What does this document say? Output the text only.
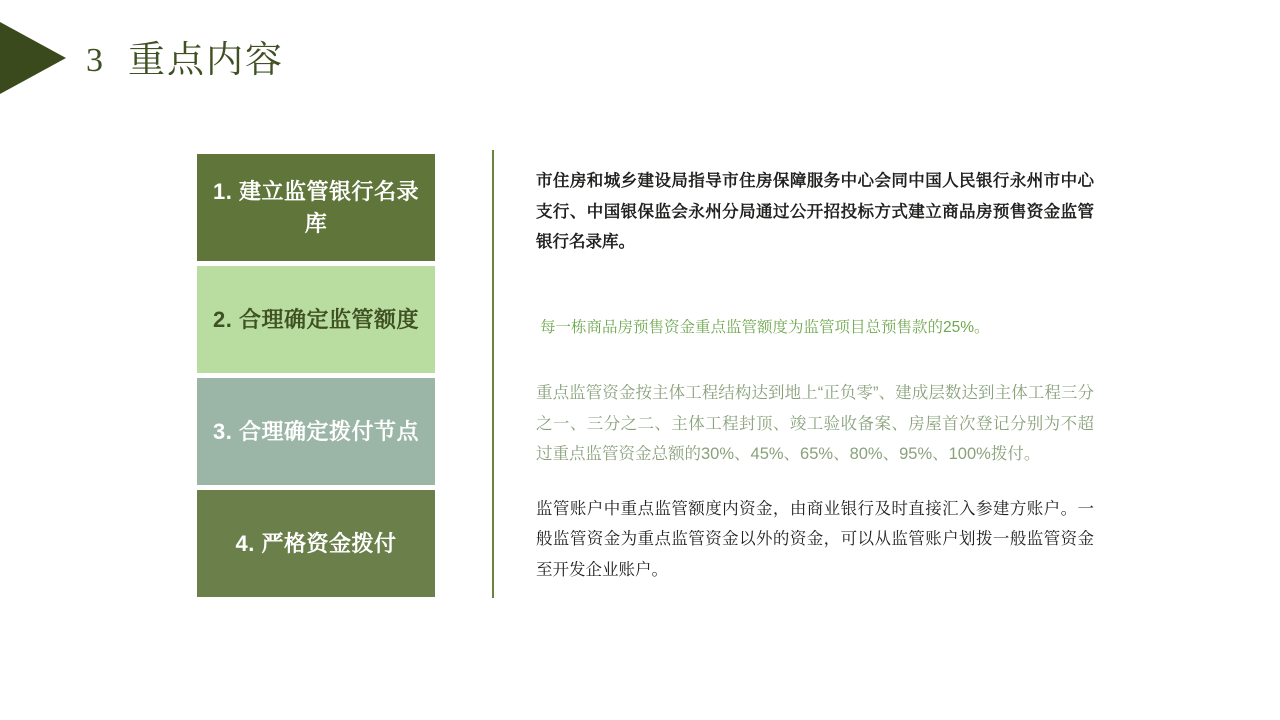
3 重点内容
1. 建立监管银行名录库
2. 合理确定监管额度
3. 合理确定拨付节点
4. 严格资金拨付

市住房和城乡建设局指导市住房保障服务中心会同中国人民银行永州市中心支行、中国银保监会永州分局通过公开招投标方式建立商品房预售资金监管银行名录库。

每一栋商品房预售资金重点监管额度为监管项目总预售款的25%。

重点监管资金按主体工程结构达到地上“正负零”、建成层数达到主体工程三分之一、三分之二、主体工程封顶、竣工验收备案、房屋首次登记分别为不超过重点监管资金总额的30%、45%、65%、80%、95%、100%拨付。

监管账户中重点监管额度内资金，由商业银行及时直接汇入参建方账户。一般监管资金为重点监管资金以外的资金，可以从监管账户划拨一般监管资金至开发企业账户。
